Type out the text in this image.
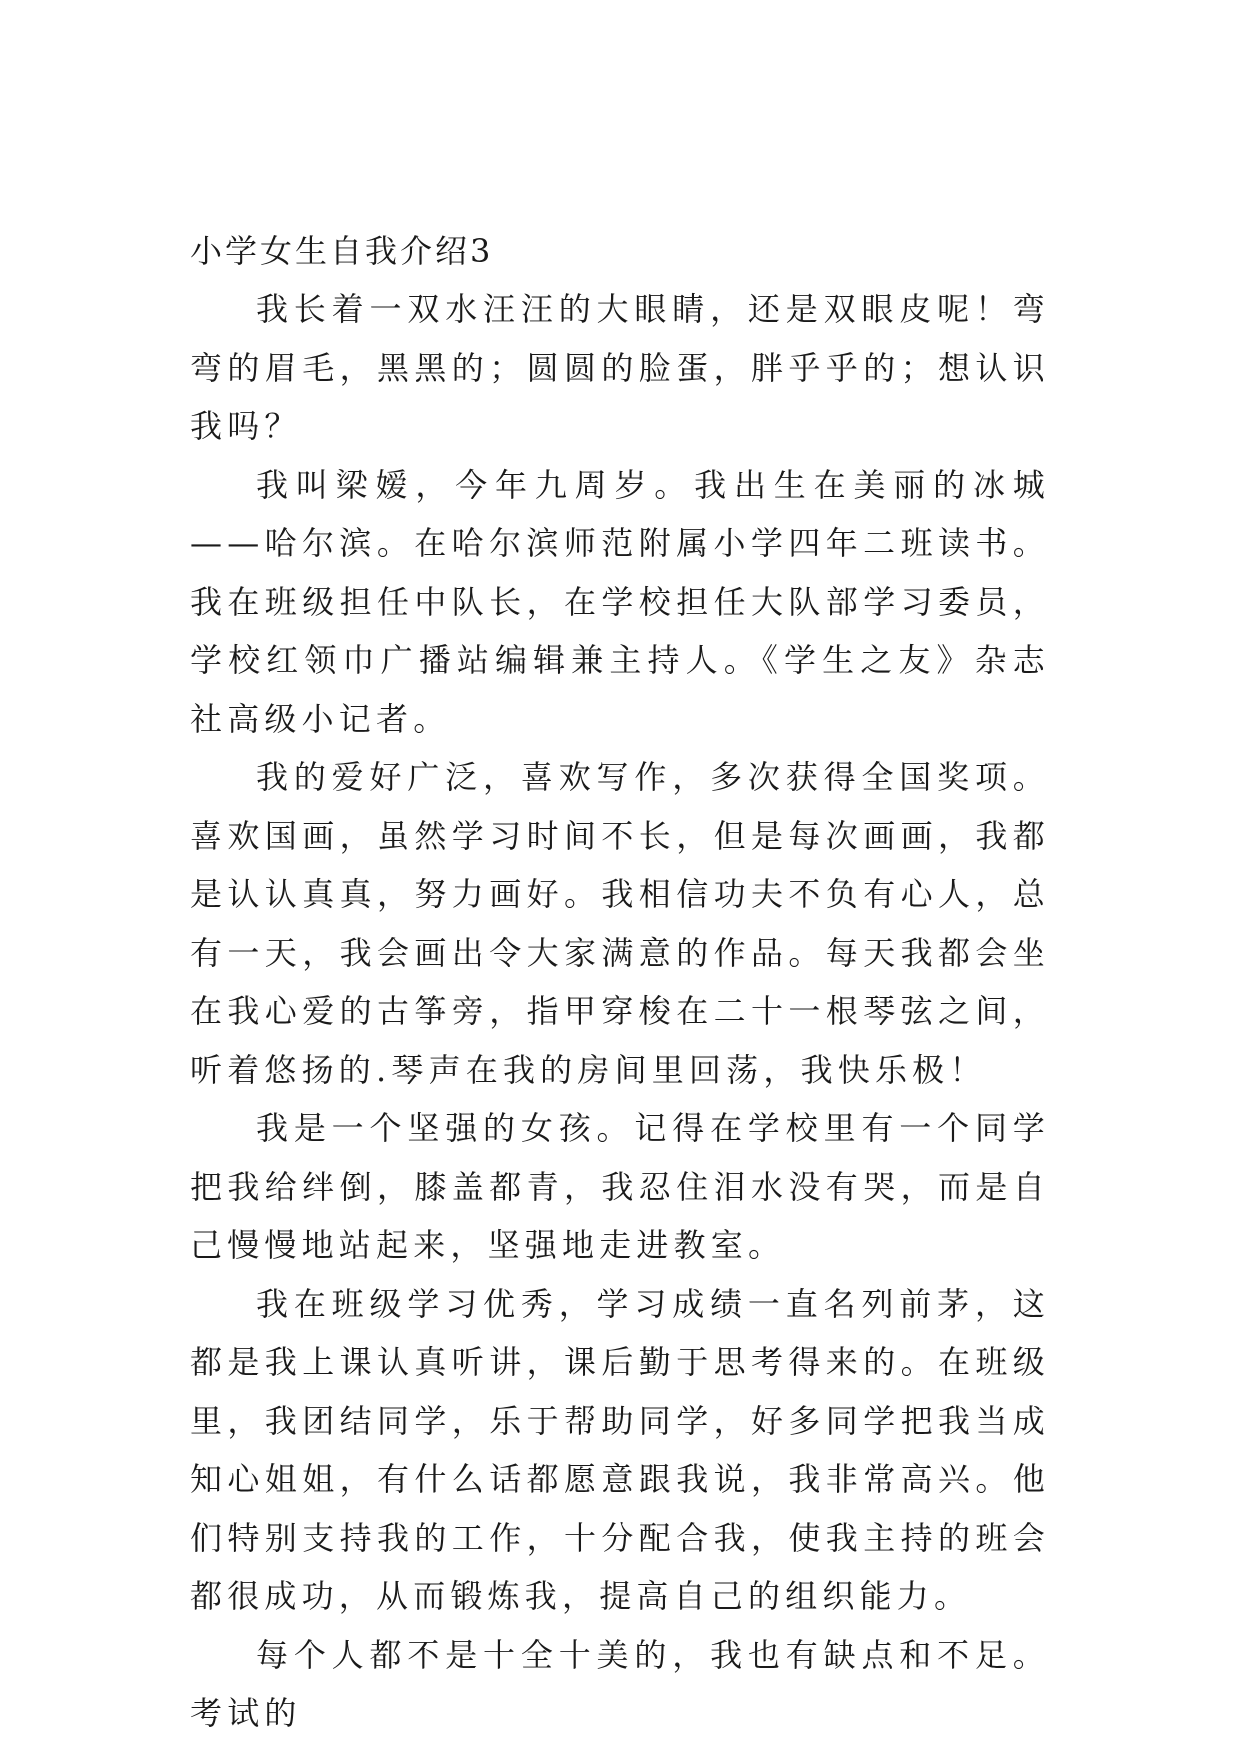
小学女生自我介绍3

我长着一双水汪汪的大眼睛，还是双眼皮呢！弯弯的眉毛，黑黑的；圆圆的脸蛋，胖乎乎的；想认识我吗？

我叫梁嫒，今年九周岁。我出生在美丽的冰城——哈尔滨。在哈尔滨师范附属小学四年二班读书。我在班级担任中队长，在学校担任大队部学习委员，学校红领巾广播站编辑兼主持人。《学生之友》杂志社高级小记者。

我的爱好广泛，喜欢写作，多次获得全国奖项。喜欢国画，虽然学习时间不长，但是每次画画，我都是认认真真，努力画好。我相信功夫不负有心人，总有一天，我会画出令大家满意的作品。每天我都会坐在我心爱的古筝旁，指甲穿梭在二十一根琴弦之间，听着悠扬的.琴声在我的房间里回荡，我快乐极！

我是一个坚强的女孩。记得在学校里有一个同学把我给绊倒，膝盖都青，我忍住泪水没有哭，而是自己慢慢地站起来，坚强地走进教室。

我在班级学习优秀，学习成绩一直名列前茅，这都是我上课认真听讲，课后勤于思考得来的。在班级里，我团结同学，乐于帮助同学，好多同学把我当成知心姐姐，有什么话都愿意跟我说，我非常高兴。他们特别支持我的工作，十分配合我，使我主持的班会都很成功，从而锻炼我，提高自己的组织能力。

每个人都不是十全十美的，我也有缺点和不足。考试的
